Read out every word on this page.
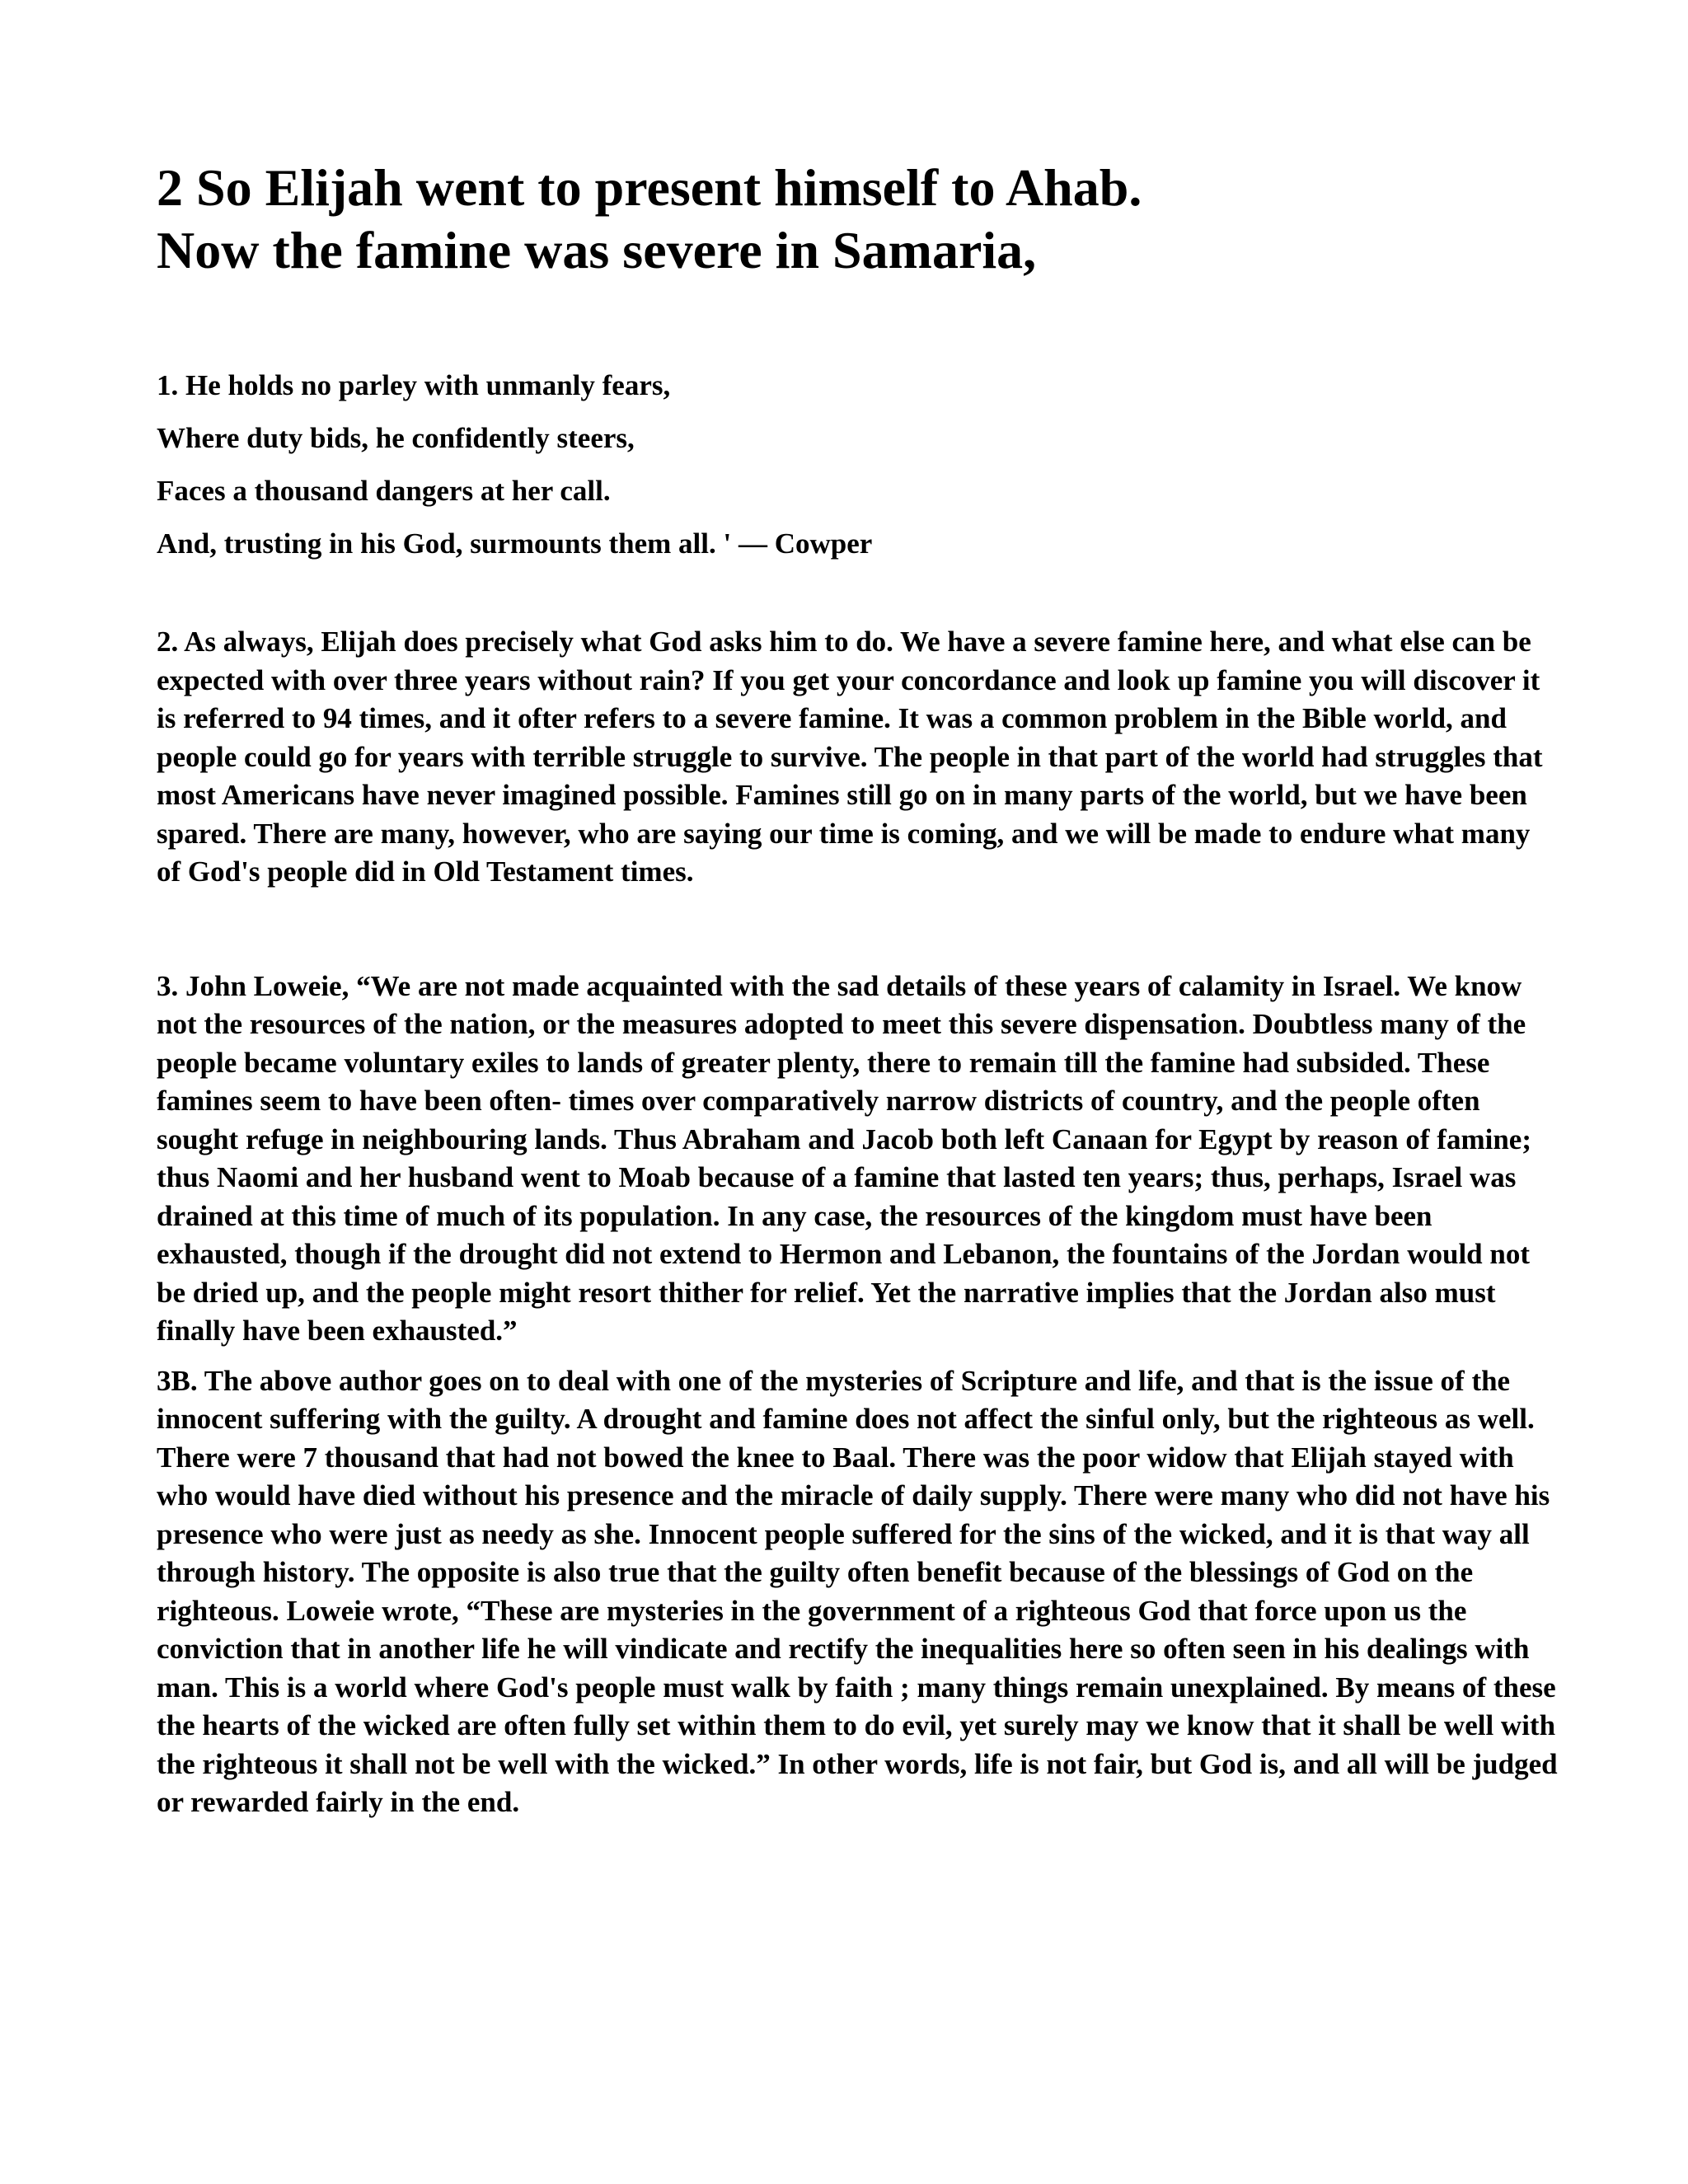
2 So Elijah went to present himself to Ahab.
Now the famine was severe in Samaria,

1. He holds no parley with unmanly fears,

Where duty bids, he confidently steers,

Faces a thousand dangers at her call.

And, trusting in his God, surmounts them all. ' — Cowper

2. As always, Elijah does precisely what God asks him to do. We have a severe famine here, and what else can be expected with over three years without rain? If you get your concordance and look up famine you will discover it is referred to 94 times, and it ofter refers to a severe famine. It was a common problem in the Bible world, and people could go for years with terrible struggle to survive. The people in that part of the world had struggles that most Americans have never imagined possible. Famines still go on in many parts of the world, but we have been spared. There are many, however, who are saying our time is coming, and we will be made to endure what many of God's people did in Old Testament times.

3. John Loweie, “We are not made acquainted with the sad details of these years of calamity in Israel. We know not the resources of the nation, or the measures adopted to meet this severe dispensation. Doubtless many of the people became voluntary exiles to lands of greater plenty, there to remain till the famine had subsided. These famines seem to have been often- times over comparatively narrow districts of country, and the people often sought refuge in neighbouring lands. Thus Abraham and Jacob both left Canaan for Egypt by reason of famine; thus Naomi and her husband went to Moab because of a famine that lasted ten years; thus, perhaps, Israel was drained at this time of much of its population. In any case, the resources of the kingdom must have been exhausted, though if the drought did not extend to Hermon and Lebanon, the fountains of the Jordan would not be dried up, and the people might resort thither for relief. Yet the narrative implies that the Jordan also must finally have been exhausted.”

3B. The above author goes on to deal with one of the mysteries of Scripture and life, and that is the issue of the innocent suffering with the guilty. A drought and famine does not affect the sinful only, but the righteous as well. There were 7 thousand that had not bowed the knee to Baal. There was the poor widow that Elijah stayed with who would have died without his presence and the miracle of daily supply. There were many who did not have his presence who were just as needy as she. Innocent people suffered for the sins of the wicked, and it is that way all through history. The opposite is also true that the guilty often benefit because of the blessings of God on the righteous. Loweie wrote, “These are mysteries in the government of a righteous God that force upon us the conviction that in another life he will vindicate and rectify the inequalities here so often seen in his dealings with man. This is a world where God's people must walk by faith ; many things remain unexplained. By means of these the hearts of the wicked are often fully set within them to do evil, yet surely may we know that it shall be well with the righteous it shall not be well with the wicked.” In other words, life is not fair, but God is, and all will be judged or rewarded fairly in the end.
